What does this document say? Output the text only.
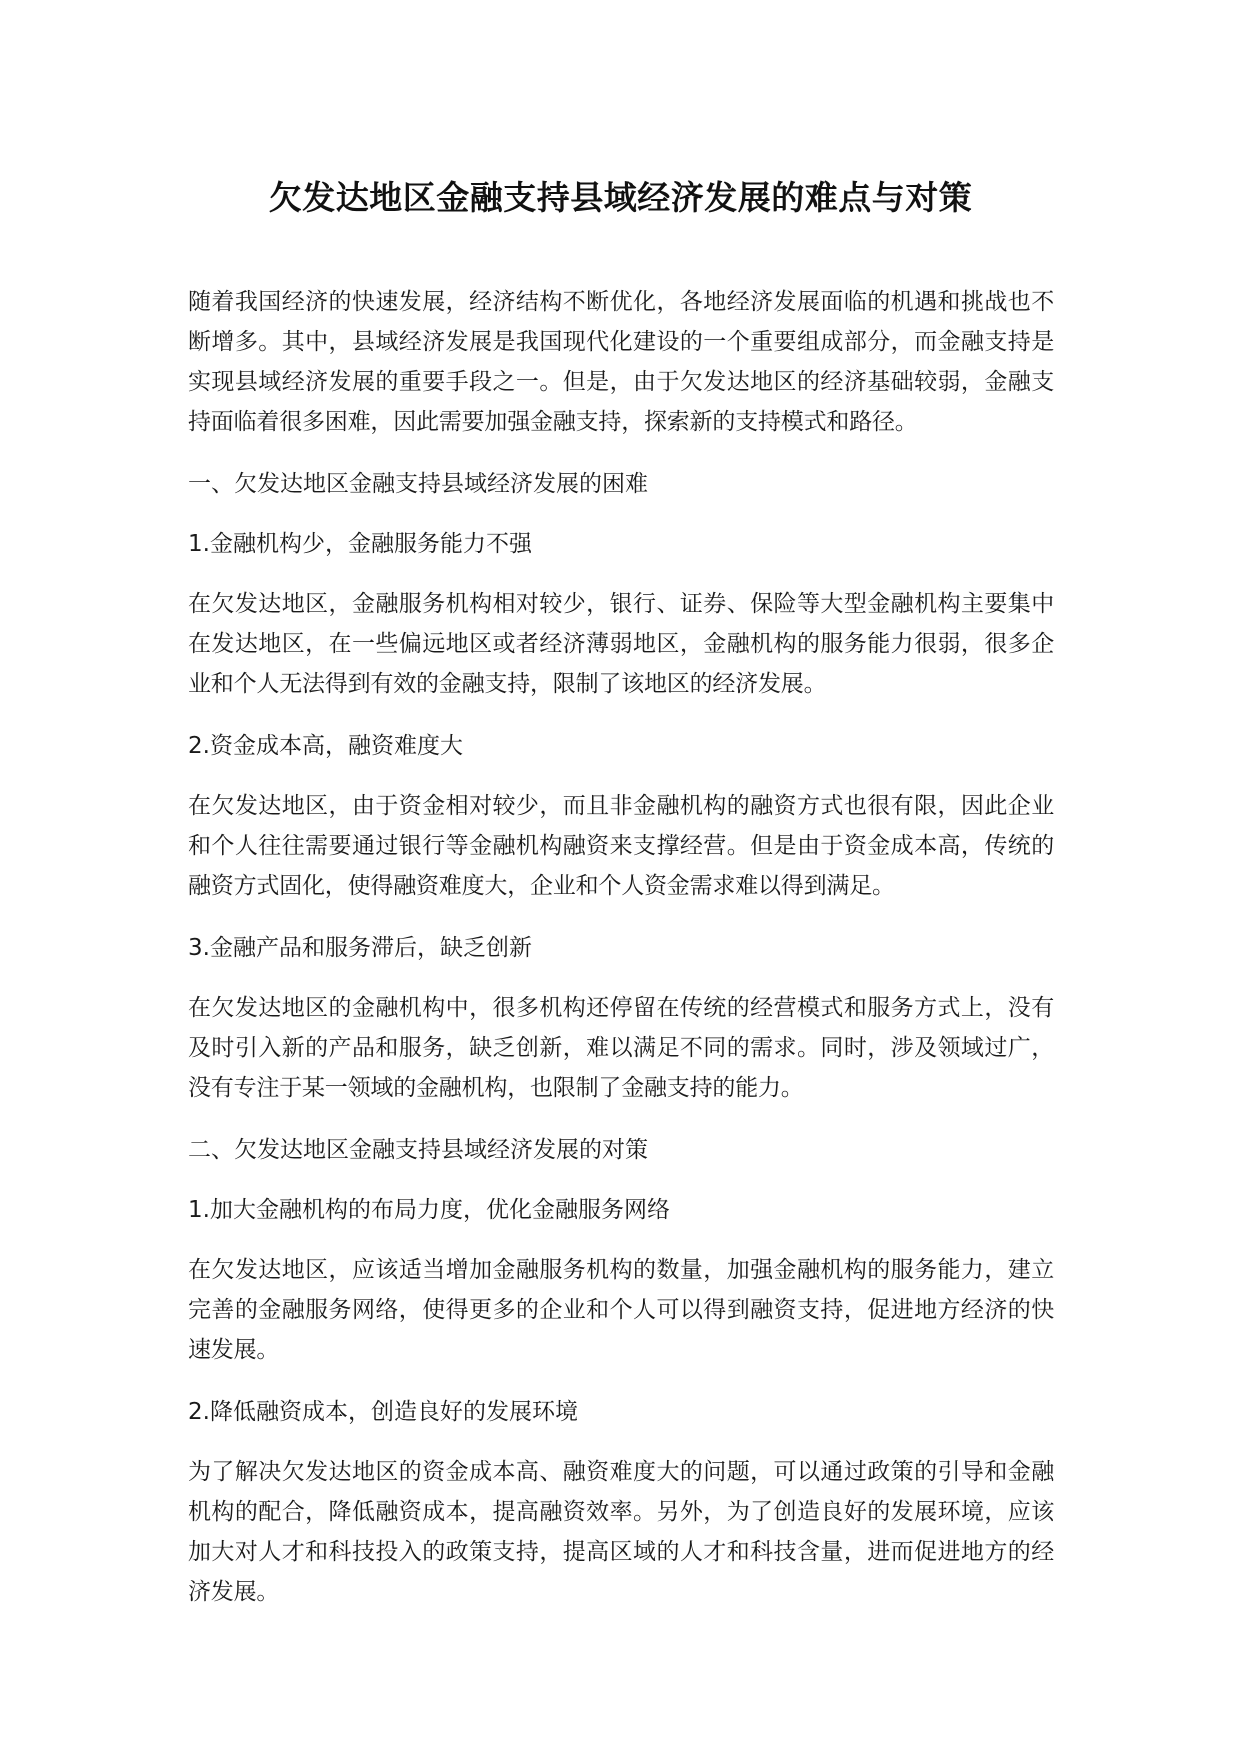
欠发达地区金融支持县域经济发展的难点与对策

随着我国经济的快速发展，经济结构不断优化，各地经济发展面临的机遇和挑战也不断增多。其中，县域经济发展是我国现代化建设的一个重要组成部分，而金融支持是实现县域经济发展的重要手段之一。但是，由于欠发达地区的经济基础较弱，金融支持面临着很多困难，因此需要加强金融支持，探索新的支持模式和路径。

一、欠发达地区金融支持县域经济发展的困难

1.金融机构少，金融服务能力不强

在欠发达地区，金融服务机构相对较少，银行、证券、保险等大型金融机构主要集中在发达地区，在一些偏远地区或者经济薄弱地区，金融机构的服务能力很弱，很多企业和个人无法得到有效的金融支持，限制了该地区的经济发展。

2.资金成本高，融资难度大

在欠发达地区，由于资金相对较少，而且非金融机构的融资方式也很有限，因此企业和个人往往需要通过银行等金融机构融资来支撑经营。但是由于资金成本高，传统的融资方式固化，使得融资难度大，企业和个人资金需求难以得到满足。

3.金融产品和服务滞后，缺乏创新

在欠发达地区的金融机构中，很多机构还停留在传统的经营模式和服务方式上，没有及时引入新的产品和服务，缺乏创新，难以满足不同的需求。同时，涉及领域过广，没有专注于某一领域的金融机构，也限制了金融支持的能力。

二、欠发达地区金融支持县域经济发展的对策

1.加大金融机构的布局力度，优化金融服务网络

在欠发达地区，应该适当增加金融服务机构的数量，加强金融机构的服务能力，建立完善的金融服务网络，使得更多的企业和个人可以得到融资支持，促进地方经济的快速发展。

2.降低融资成本，创造良好的发展环境

为了解决欠发达地区的资金成本高、融资难度大的问题，可以通过政策的引导和金融机构的配合，降低融资成本，提高融资效率。另外，为了创造良好的发展环境，应该加大对人才和科技投入的政策支持，提高区域的人才和科技含量，进而促进地方的经济发展。
